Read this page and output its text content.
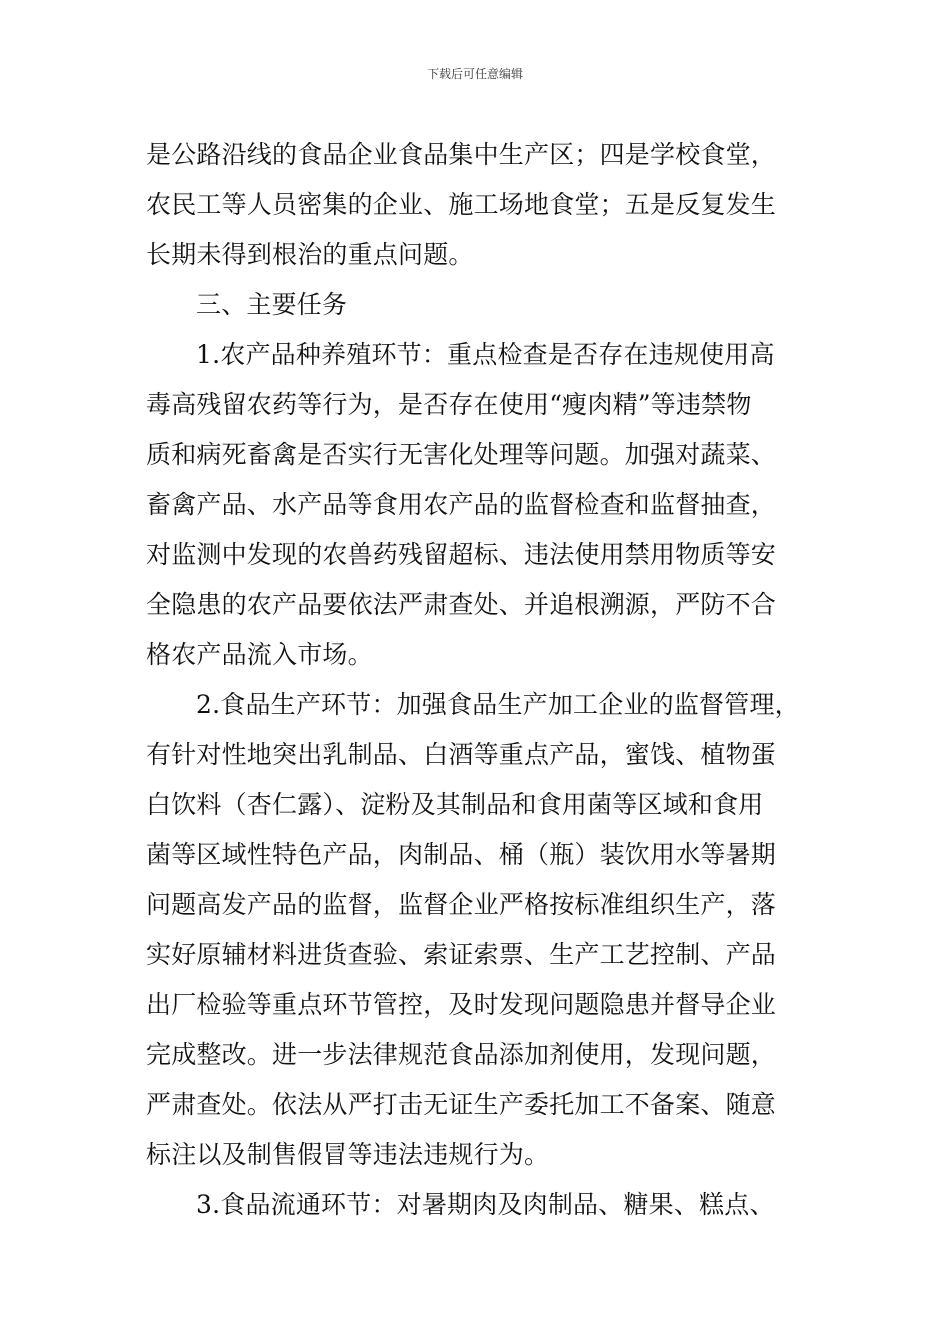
下载后可任意编辑
是公路沿线的食品企业食品集中生产区；四是学校食堂，
农民工等人员密集的企业、施工场地食堂；五是反复发生
长期未得到根治的重点问题。
三、主要任务
1.农产品种养殖环节：重点检查是否存在违规使用高
毒高残留农药等行为，是否存在使用“瘦肉精”等违禁物
质和病死畜禽是否实行无害化处理等问题。加强对蔬菜、
畜禽产品、水产品等食用农产品的监督检查和监督抽查，
对监测中发现的农兽药残留超标、违法使用禁用物质等安
全隐患的农产品要依法严肃查处、并追根溯源，严防不合
格农产品流入市场。
2.食品生产环节：加强食品生产加工企业的监督管理，
有针对性地突出乳制品、白酒等重点产品，蜜饯、植物蛋
白饮料（杏仁露）、淀粉及其制品和食用菌等区域和食用
菌等区域性特色产品，肉制品、桶（瓶）装饮用水等暑期
问题高发产品的监督，监督企业严格按标准组织生产，落
实好原辅材料进货查验、索证索票、生产工艺控制、产品
出厂检验等重点环节管控，及时发现问题隐患并督导企业
完成整改。进一步法律规范食品添加剂使用，发现问题，
严肃查处。依法从严打击无证生产委托加工不备案、随意
标注以及制售假冒等违法违规行为。
3.食品流通环节：对暑期肉及肉制品、糖果、糕点、
